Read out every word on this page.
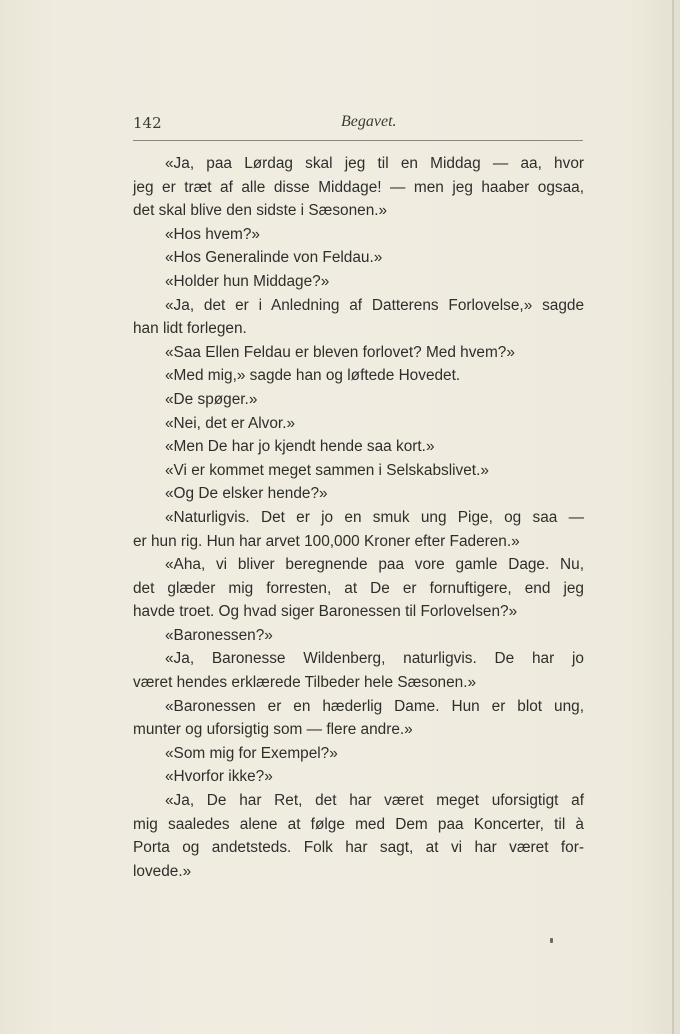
142	Begavet.
«Ja, paa Lørdag skal jeg til en Middag — aa, hvor
jeg er træt af alle disse Middage! — men jeg haaber ogsaa,
det skal blive den sidste i Sæsonen.»
«Hos hvem?»
«Hos Generalinde von Feldau.»
«Holder hun Middage?»
«Ja, det er i Anledning af Datterens Forlovelse,» sagde
han lidt forlegen.
«Saa Ellen Feldau er bleven forlovet? Med hvem?»
«Med mig,» sagde han og løftede Hovedet.
«De spøger.»
«Nei, det er Alvor.»
«Men De har jo kjendt hende saa kort.»
«Vi er kommet meget sammen i Selskabslivet.»
«Og De elsker hende?»
«Naturligvis. Det er jo en smuk ung Pige, og saa —
er hun rig. Hun har arvet 100,000 Kroner efter Faderen.»
«Aha, vi bliver beregnende paa vore gamle Dage. Nu,
det glæder mig forresten, at De er fornuftigere, end jeg
havde troet. Og hvad siger Baronessen til Forlovelsen?»
«Baronessen?»
«Ja, Baronesse Wildenberg, naturligvis. De har jo
været hendes erklærede Tilbeder hele Sæsonen.»
«Baronessen er en hæderlig Dame. Hun er blot ung,
munter og uforsigtig som — flere andre.»
«Som mig for Exempel?»
«Hvorfor ikke?»
«Ja, De har Ret, det har været meget uforsigtigt af
mig saaledes alene at følge med Dem paa Koncerter, til à
Porta og andetsteds. Folk har sagt, at vi har været for-
lovede.»
